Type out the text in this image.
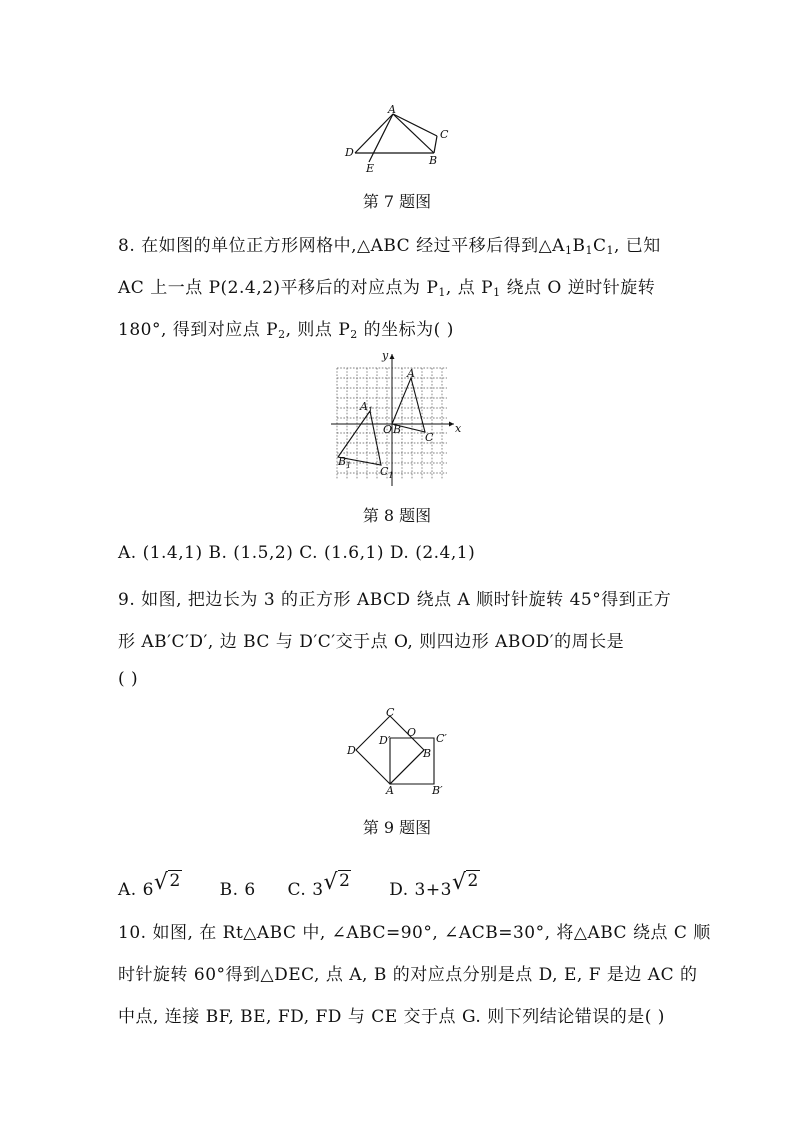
A
C
D
B
E
第 7 题图
8. 在如图的单位正方形网格中,△ABC 经过平移后得到$\triangle A_1B_1C_1$, 已知
AC 上一点 P(2.4,2)平移后的对应点为 $P_1$, 点 $P_1$ 绕点 O 逆时针旋转
180°, 得到对应点 $P_2$, 则点 $P_2$ 的坐标为( )
y
x
O
A
B
C
$A_1$
$B_1$	$C_1$
第 8 题图
A. (1.4,1) B. (1.5,2) C. (1.6,1) D. (2.4,1)
9. 如图, 把边长为 3 的正方形 ABCD 绕点 A 顺时针旋转 45°得到正方
形 AB′C′D′, 边 BC 与 D′C′交于点 O, 则四边形 ABOD′的周长是
( )
C
D
D′
O C′
B
A	B′
第 9 题图
A. 6√2 B. 6 C. 3√2 D. 3+3√2
10. 如图, 在 Rt△ABC 中, ∠ABC=90°, ∠ACB=30°, 将△ABC 绕点 C 顺
时针旋转 60°得到△DEC, 点 A, B 的对应点分别是点 D, E, F 是边 AC 的
中点, 连接 BF, BE, FD, FD 与 CE 交于点 G. 则下列结论错误的是( )
